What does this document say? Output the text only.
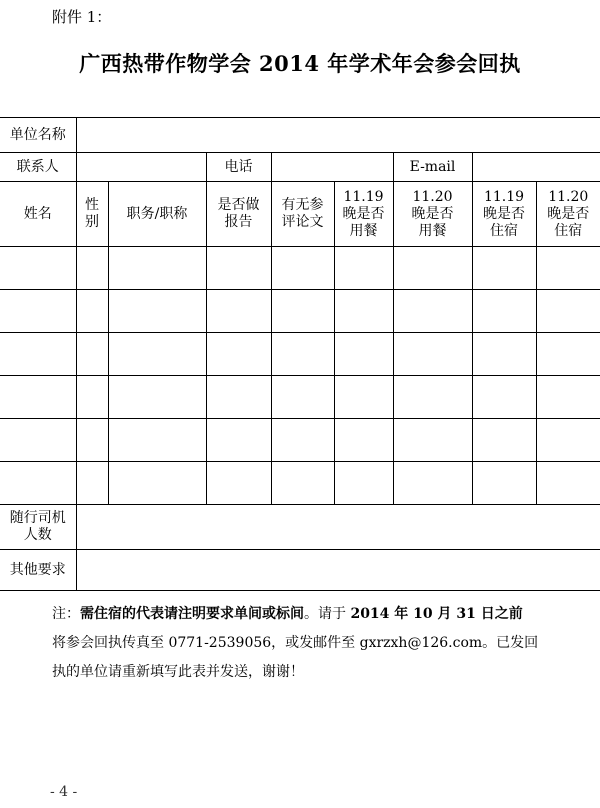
附件 1：
广西热带作物学会 2014 年学术年会参会回执
单位名称								
联系人			电话			E-mail		
姓名	性别	职务/职称	是否做报告	有无参评论文	11.19晚是否用餐	11.20晚是否用餐	11.19晚是否住宿	11.20晚是否住宿

随行司机人数								

其他要求								
注：需住宿的代表请注明要求单间或标间。请于 2014 年 10 月 31 日之前
将参会回执传真至 0771-2539056，或发邮件至 gxrzxh@126.com。已发回
执的单位请重新填写此表并发送，谢谢！
- 4 -
